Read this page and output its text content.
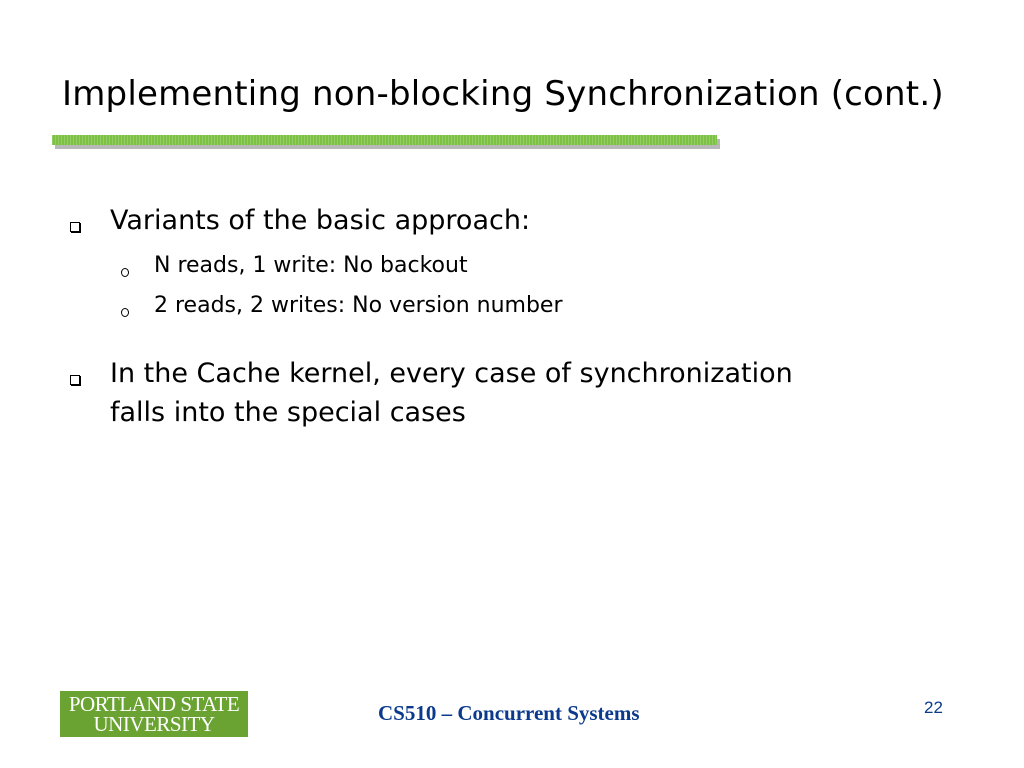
Implementing non-blocking Synchronization (cont.)
Variants of the basic approach:
N reads, 1 write: No backout
2 reads, 2 writes: No version number
In the Cache kernel, every case of synchronization
falls into the special cases
PORTLAND STATE
UNIVERSITY	CS510 – Concurrent Systems	22
